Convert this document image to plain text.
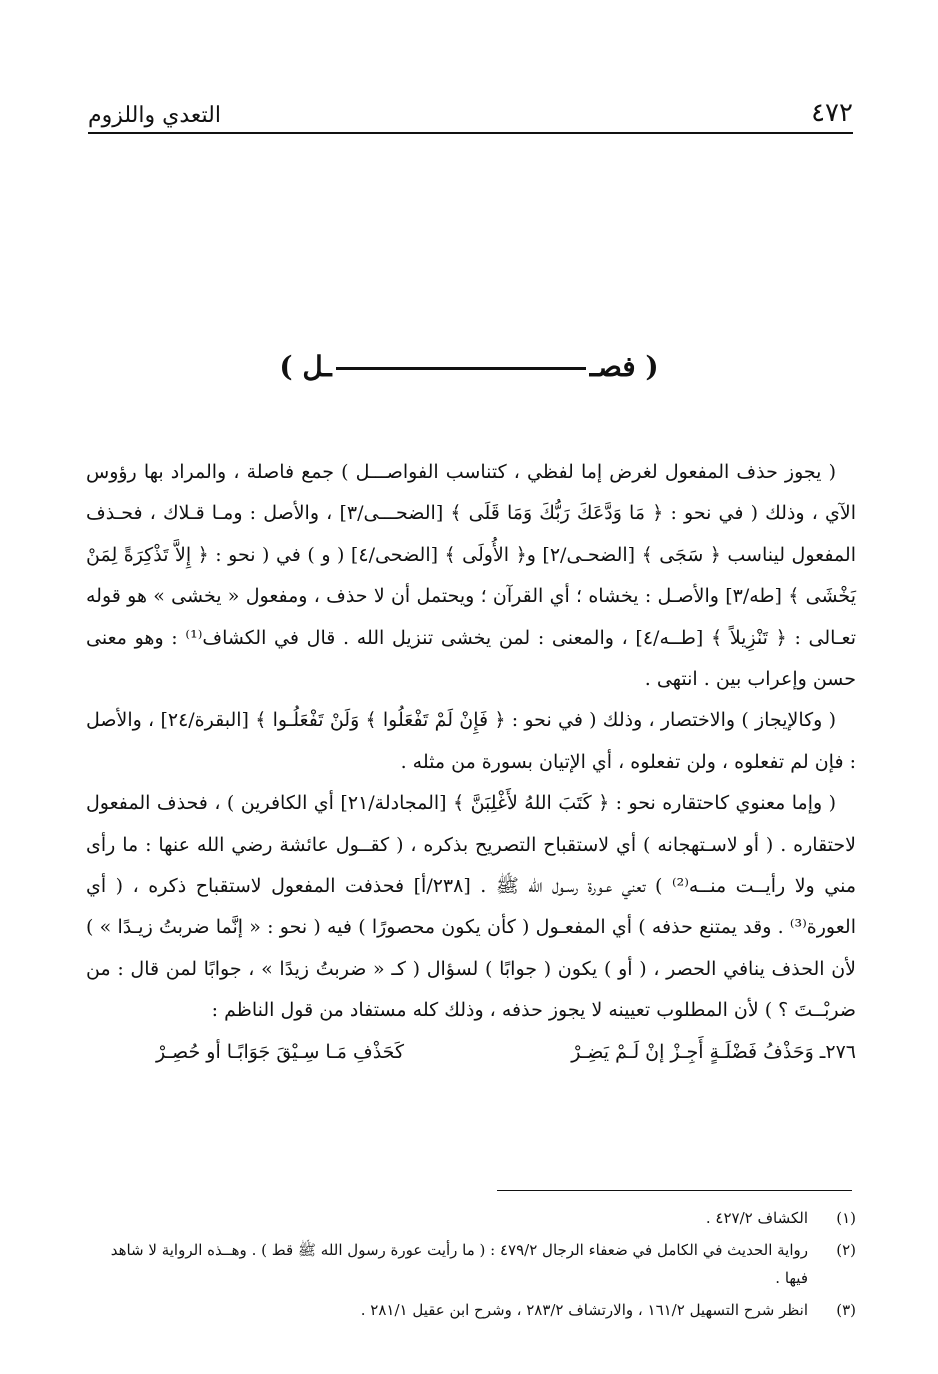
٤٧٢
التعدي واللزوم
( فصــل )

( يجوز حذف المفعول لغرض إما لفظي ، كتناسب الفواصـــل ) جمع فاصلة ، والمراد بها رؤوس الآي ، وذلك ( في نحو : ﴿ مَا وَدَّعَكَ رَبُّكَ وَمَا قَلَى ﴾ [الضحـــى/٣] ، والأصل : ومـا قـلاك ، فحـذف المفعول ليناسب ﴿ سَجَى ﴾ [الضحـى/٢] و﴿ الأُولَى ﴾ [الضحى/٤] ( و ) في ( نحو : ﴿ إِلاَّ تَذْكِرَةً لِمَنْ يَخْشَى ﴾ [طه/٣] والأصـل : يخشاه ؛ أي القرآن ؛ ويحتمل أن لا حذف ، ومفعول « يخشى » هو قوله تعـالى : ﴿ تَنْزِيلاً ﴾ [طــه/٤] ، والمعنى : لمن يخشى تنزيل الله . قال في الكشاف⁽¹⁾ : وهو معنى حسن وإعراب بين . انتهى .

( وكالإيجاز ) والاختصار ، وذلك ( في نحو : ﴿ فَإِنْ لَمْ تَفْعَلُوا ﴾ وَلَنْ تَفْعَلُـوا ﴾ [البقرة/٢٤] ، والأصل : فإن لم تفعلوه ، ولن تفعلوه ، أي الإتيان بسورة من مثله .

( وإما معنوي كاحتقاره نحو : ﴿ كَتَبَ اللهُ لأَغْلِبَنَّ ﴾ [المجادلة/٢١] أي الكافرين ) ، فحذف المفعول لاحتقاره . ( أو لاسـتهجانه ) أي لاستقباح التصريح بذكره ، ( كقــول عائشة رضي الله عنها : ما رأى مني ولا رأيــت منــه⁽²⁾ ) تعني عـورة رسـول الله ﷺ . [٢٣٨/أ] فحذفت المفعول لاستقباح ذكره ، ( أي العورة⁽³⁾ . وقد يمتنع حذفه ) أي المفعـول ( كأن يكون محصورًا ) فيه ( نحو : « إنَّما ضربتُ زيـدًا » ) لأن الحذف ينافي الحصر ، ( أو ) يكون ( جوابًا ) لسؤال ( كـ « ضربتُ زيدًا » ، جوابًا لمن قال : من ضربْــتَ ؟ ) لأن المطلوب تعيينه لا يجوز حذفه ، وذلك كله مستفاد من قول الناظم :

٢٧٦ـ وَحَذْفُ فَضْلَـةٍ أَجِـزْ إنْ لَـمْ يَضِـرْ
كَحَذْفِ مَـا سِـيْقَ جَوَابًـا أو حُصِـرْ
(١)
الكشاف ٤٢٧/٢ .
(٢)
رواية الحديث في الكامل في ضعفاء الرجال ٤٧٩/٢ : ( ما رأيت عورة رسول الله ﷺ قط ) . وهــذه الرواية لا شاهد فيها .
(٣)
انظر شرح التسهيل ١٦١/٢ ، والارتشاف ٢٨٣/٢ ، وشرح ابن عقيل ٢٨١/١ .
